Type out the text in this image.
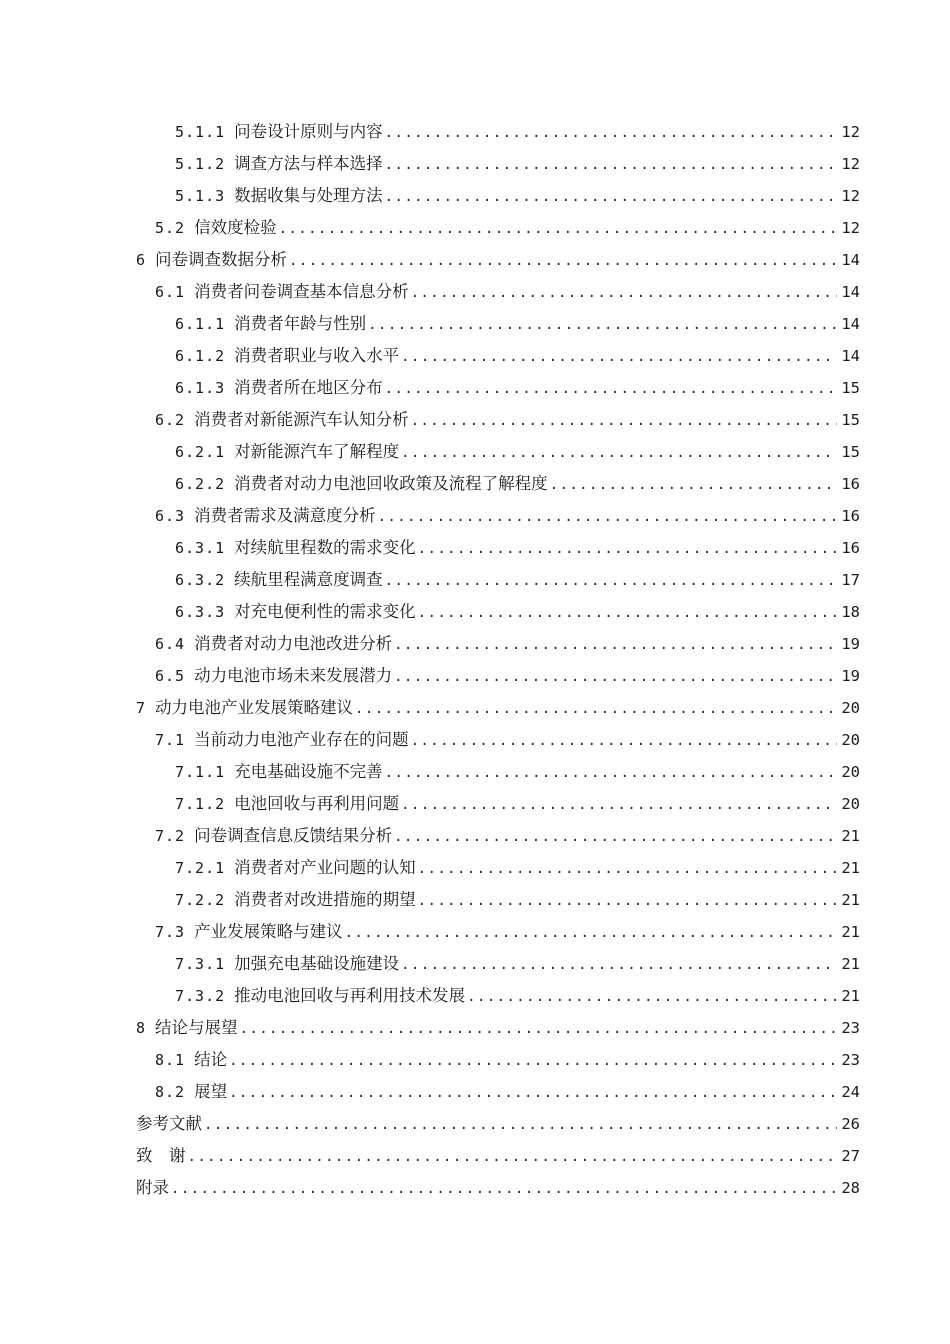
5.1.1 问卷设计原则与内容 .....	12
5.1.2 调查方法与样本选择 .....	12
5.1.3 数据收集与处理方法 .....	12
5.2 信效度检验 .....	12
6 问卷调查数据分析 .....	14
6.1 消费者问卷调查基本信息分析 .....	14
6.1.1 消费者年龄与性别 .....	14
6.1.2 消费者职业与收入水平 .....	14
6.1.3 消费者所在地区分布 .....	15
6.2 消费者对新能源汽车认知分析 .....	15
6.2.1 对新能源汽车了解程度 .....	15
6.2.2 消费者对动力电池回收政策及流程了解程度 .....	16
6.3 消费者需求及满意度分析 .....	16
6.3.1 对续航里程数的需求变化 .....	16
6.3.2 续航里程满意度调查 .....	17
6.3.3 对充电便利性的需求变化 .....	18
6.4 消费者对动力电池改进分析 .....	19
6.5 动力电池市场未来发展潜力 .....	19
7 动力电池产业发展策略建议 .....	20
7.1 当前动力电池产业存在的问题 .....	20
7.1.1 充电基础设施不完善 .....	20
7.1.2 电池回收与再利用问题 .....	20
7.2 问卷调查信息反馈结果分析 .....	21
7.2.1 消费者对产业问题的认知 .....	21
7.2.2 消费者对改进措施的期望 .....	21
7.3 产业发展策略与建议 .....	21
7.3.1 加强充电基础设施建设 .....	21
7.3.2 推动电池回收与再利用技术发展 .....	21
8 结论与展望 .....	23
8.1 结论 .....	23
8.2 展望 .....	24
参考文献 .....	26
致　谢 .....	27
附录 .....	28
